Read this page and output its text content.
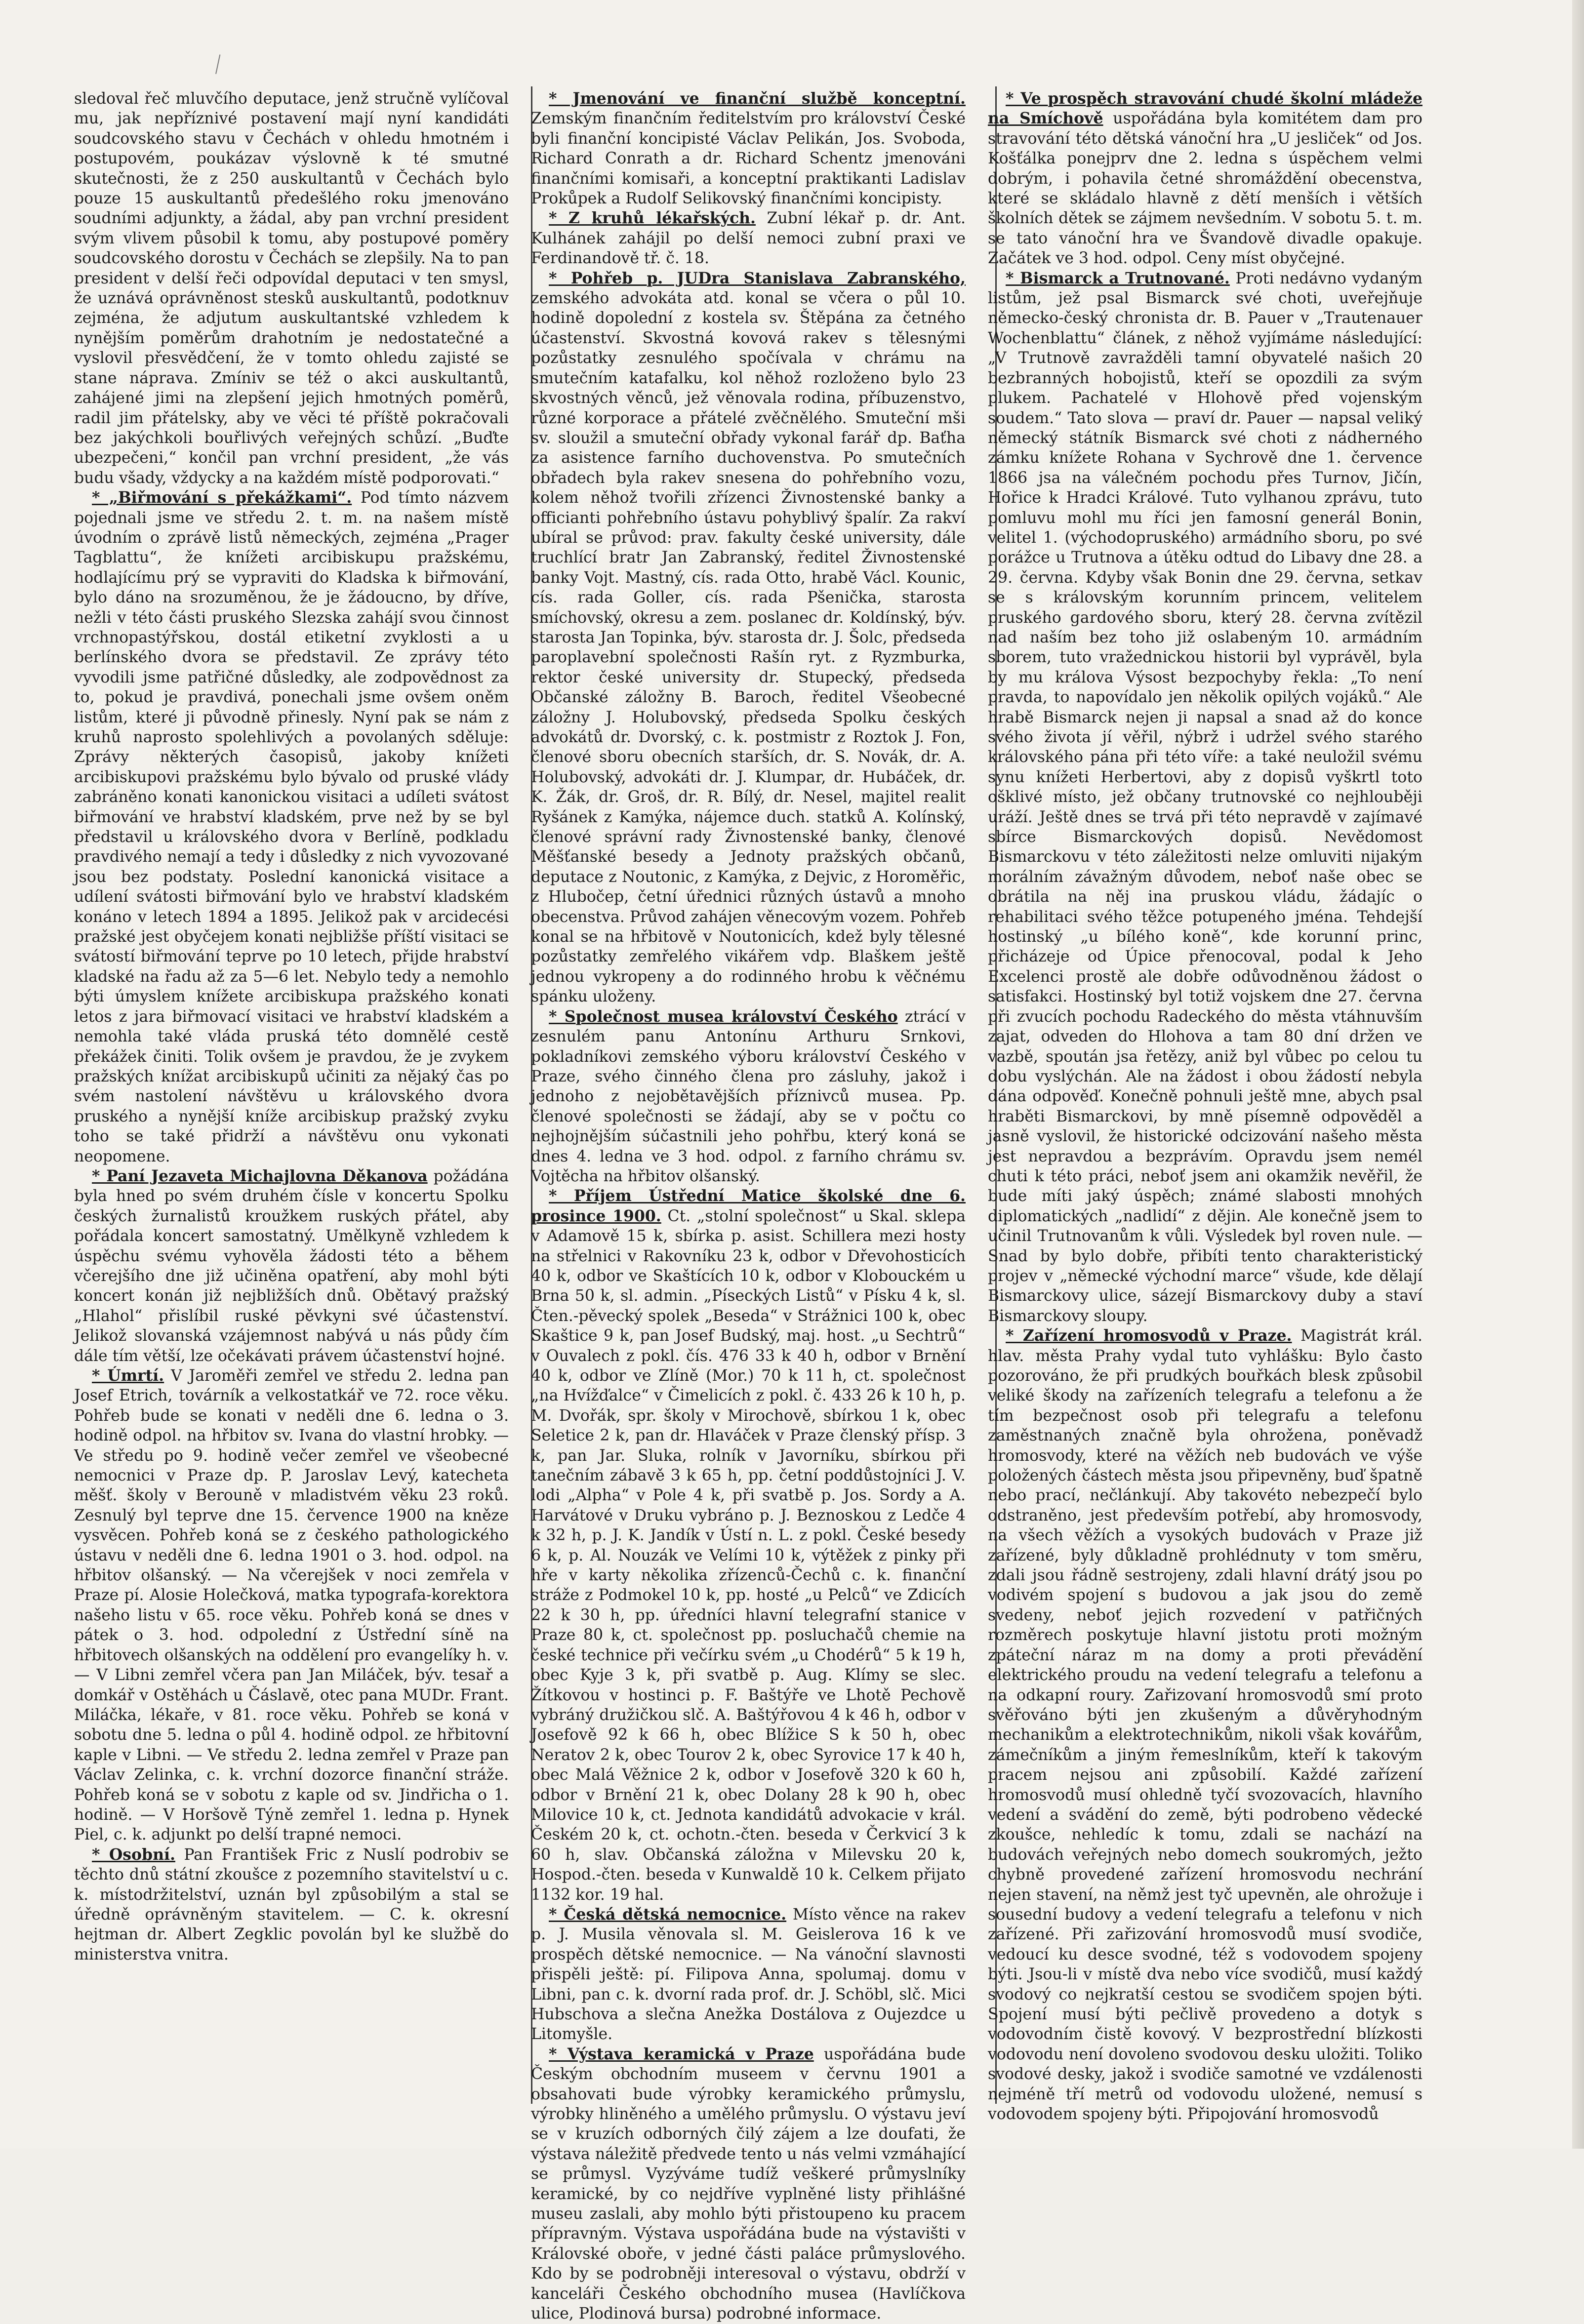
sledoval řeč mluvčího deputace, jenž stručně vylíčoval mu, jak nepříznivé postavení mají nyní kandidáti soudcovského stavu v Čechách v ohledu hmotném i postupovém, poukázav výslovně k té smutné skutečnosti, že z 250 auskultantů v Čechách bylo pouze 15 auskultantů předešlého roku jmenováno soudními adjunkty, a žádal, aby pan vrchní president svým vlivem působil k tomu, aby postupové poměry soudcovského dorostu v Čechách se zlepšily. Na to pan president v delší řeči odpovídal deputaci v ten smysl, že uznává oprávněnost stesků auskultantů, podotknuv zejména, že adjutum auskultantské vzhledem k nynějším poměrům drahotním je nedostatečné a vyslovil přesvědčení, že v tomto ohledu zajisté se stane náprava. Zmíniv se též o akci auskultantů, zahájené jimi na zlepšení jejich hmotných poměrů, radil jim přátelsky, aby ve věci té příště pokračovali bez jakýchkoli bouřlivých veřejných schůzí. „Buďte ubezpečeni,“ končil pan vrchní president, „že vás budu všady, vždycky a na každém místě podporovati.“

* „Biřmování s překážkami“. Pod tímto názvem pojednali jsme ve středu 2. t. m. na našem místě úvodním o zprávě listů německých, zejména „Prager Tagblattu“, že knížeti arcibiskupu pražskému, hodlajícímu prý se vypraviti do Kladska k biřmování, bylo dáno na srozuměnou, že je žádoucno, by dříve, nežli v této části pruského Slezska zahájí svou činnost vrchnopastýřskou, dostál etiketní zvyklosti a u berlínského dvora se představil. Ze zprávy této vyvodili jsme patřičné důsledky, ale zodpovědnost za to, pokud je pravdivá, ponechali jsme ovšem oněm listům, které ji původně přinesly. Nyní pak se nám z kruhů naprosto spolehlivých a povolaných sděluje: Zprávy některých časopisů, jakoby knížeti arcibiskupovi pražskému bylo bývalo od pruské vlády zabráněno konati kanonickou visitaci a udíleti svátost biřmování ve hrabství kladském, prve než by se byl představil u královského dvora v Berlíně, podkladu pravdivého nemají a tedy i důsledky z nich vyvozované jsou bez podstaty. Poslední kanonická visitace a udílení svátosti biřmování bylo ve hrabství kladském konáno v letech 1894 a 1895. Jelikož pak v arcidecési pražské jest obyčejem konati nejbližše příští visitaci se svátostí biřmování teprve po 10 letech, přijde hrabství kladské na řadu až za 5—6 let. Nebylo tedy a nemohlo býti úmyslem knížete arcibiskupa pražského konati letos z jara biřmovací visitaci ve hrabství kladském a nemohla také vláda pruská této domnělé cestě překážek činiti. Tolik ovšem je pravdou, že je zvykem pražských knížat arcibiskupů učiniti za nějaký čas po svém nastolení návštěvu u královského dvora pruského a nynější kníže arcibiskup pražský zvyku toho se také přidrží a návštěvu onu vykonati neopomene.

* Paní Jezaveta Michajlovna Děkanova požádána byla hned po svém druhém čísle v koncertu Spolku českých žurnalistů kroužkem ruských přátel, aby pořádala koncert samostatný. Umělkyně vzhledem k úspěchu svému vyhověla žádosti této a během včerejšího dne již učiněna opatření, aby mohl býti koncert konán již nejbližších dnů. Obětavý pražský „Hlahol“ přislíbil ruské pěvkyni své účastenství. Jelikož slovanská vzájemnost nabývá u nás půdy čím dále tím větší, lze očekávati právem účastenství hojné.

* Úmrtí. V Jaroměři zemřel ve středu 2. ledna pan Josef Etrich, továrník a velkostatkář ve 72. roce věku. Pohřeb bude se konati v neděli dne 6. ledna o 3. hodině odpol. na hřbitov sv. Ivana do vlastní hrobky. — Ve středu po 9. hodině večer zemřel ve všeobecné nemocnici v Praze dp. P. Jaroslav Levý, katecheta měšť. školy v Berouně v mladistvém věku 23 roků. Zesnulý byl teprve dne 15. července 1900 na kněze vysvěcen. Pohřeb koná se z českého pathologického ústavu v neděli dne 6. ledna 1901 o 3. hod. odpol. na hřbitov olšanský. — Na včerejšek v noci zemřela v Praze pí. Alosie Holečková, matka typografa-korektora našeho listu v 65. roce věku. Pohřeb koná se dnes v pátek o 3. hod. odpolední z Ústřední síně na hřbitovech olšanských na oddělení pro evangelíky h. v. — V Libni zemřel včera pan Jan Miláček, býv. tesař a domkář v Ostěhách u Čáslavě, otec pana MUDr. Frant. Miláčka, lékaře, v 81. roce věku. Pohřeb se koná v sobotu dne 5. ledna o půl 4. hodině odpol. ze hřbitovní kaple v Libni. — Ve středu 2. ledna zemřel v Praze pan Václav Zelinka, c. k. vrchní dozorce finanční stráže. Pohřeb koná se v sobotu z kaple od sv. Jindřicha o 1. hodině. — V Horšově Týně zemřel 1. ledna p. Hynek Piel, c. k. adjunkt po delší trapné nemoci.

* Osobní. Pan František Fric z Nuslí podrobiv se těchto dnů státní zkoušce z pozemního stavitelství u c. k. místodržitelství, uznán byl způsobilým a stal se úředně oprávněným stavitelem. — C. k. okresní hejtman dr. Albert Zegklic povolán byl ke službě do ministerstva vnitra.

* Jmenování ve finanční službě konceptní. Zemským finančním ředitelstvím pro království České byli finanční koncipisté Václav Pelikán, Jos. Svoboda, Richard Conrath a dr. Richard Schentz jmenováni finančními komisaři, a konceptní praktikanti Ladislav Prokůpek a Rudolf Selikovský finančními koncipisty.

* Z kruhů lékařských. Zubní lékař p. dr. Ant. Kulhánek zahájil po delší nemoci zubní praxi ve Ferdinandově tř. č. 18.

* Pohřeb p. JUDra Stanislava Zabranského, zemského advokáta atd. konal se včera o půl 10. hodině dopolední z kostela sv. Štěpána za četného účastenství. Skvostná kovová rakev s tělesnými pozůstatky zesnulého spočívala v chrámu na smutečním katafalku, kol něhož rozloženo bylo 23 skvostných věnců, jež věnovala rodina, příbuzenstvo, různé korporace a přátelé zvěčnělého. Smuteční mši sv. sloužil a smuteční obřady vykonal farář dp. Baťha za asistence farního duchovenstva. Po smutečních obřadech byla rakev snesena do pohřebního vozu, kolem něhož tvořili zřízenci Živnostenské banky a officianti pohřebního ústavu pohyblivý špalír. Za rakví ubíral se průvod: prav. fakulty české university, dále truchlící bratr Jan Zabranský, ředitel Živnostenské banky Vojt. Mastný, cís. rada Otto, hrabě Václ. Kounic, cís. rada Goller, cís. rada Pšenička, starosta smíchovský, okresu a zem. poslanec dr. Koldínský, býv. starosta Jan Topinka, býv. starosta dr. J. Šolc, předseda paroplavební společnosti Rašín ryt. z Ryzmburka, rektor české university dr. Stupecký, předseda Občanské záložny B. Baroch, ředitel Všeobecné záložny J. Holubovský, předseda Spolku českých advokátů dr. Dvorský, c. k. postmistr z Roztok J. Fon, členové sboru obecních starších, dr. S. Novák, dr. A. Holubovský, advokáti dr. J. Klumpar, dr. Hubáček, dr. K. Žák, dr. Groš, dr. R. Bílý, dr. Nesel, majitel realit Ryšánek z Kamýka, nájemce duch. statků A. Kolínský, členové správní rady Živnostenské banky, členové Měšťanské besedy a Jednoty pražských občanů, deputace z Noutonic, z Kamýka, z Dejvic, z Horoměřic, z Hlubočep, četní úřednici různých ústavů a mnoho obecenstva. Průvod zahájen věnecovým vozem. Pohřeb konal se na hřbitově v Noutonicích, kdež byly tělesné pozůstatky zemřelého vikářem vdp. Blaškem ještě jednou vykropeny a do rodinného hrobu k věčnému spánku uloženy.

* Společnost musea království Českého ztrácí v zesnulém panu Antonínu Arthuru Srnkovi, pokladníkovi zemského výboru království Českého v Praze, svého činného člena pro zásluhy, jakož i jednoho z nejobětavějších příznivců musea. Pp. členové společnosti se žádají, aby se v počtu co nejhojnějším súčastnili jeho pohřbu, který koná se dnes 4. ledna ve 3 hod. odpol. z farního chrámu sv. Vojtěcha na hřbitov olšanský.

* Příjem Ústřední Matice školské dne 6. prosince 1900. Ct. „stolní společnost“ u Skal. sklepa v Adamově 15 k, sbírka p. asist. Schillera mezi hosty na střelnici v Rakovníku 23 k, odbor v Dřevohosticích 40 k, odbor ve Skaštících 10 k, odbor v Klobouckém u Brna 50 k, sl. admin. „Píseckých Listů“ v Písku 4 k, sl. Čten.-pěvecký spolek „Beseda“ v Strážnici 100 k, obec Skaštice 9 k, pan Josef Budský, maj. host. „u Sechtrů“ v Ouvalech z pokl. čís. 476 33 k 40 h, odbor v Brnění 40 k, odbor ve Zlíně (Mor.) 70 k 11 h, ct. společnost „na Hvížďalce“ v Čimelicích z pokl. č. 433 26 k 10 h, p. M. Dvořák, spr. školy v Mirochově, sbírkou 1 k, obec Seletice 2 k, pan dr. Hlaváček v Praze členský přísp. 3 k, pan Jar. Sluka, rolník v Javorníku, sbírkou při tanečním zábavě 3 k 65 h, pp. četní poddůstojníci J. V. lodi „Alpha“ v Pole 4 k, při svatbě p. Jos. Sordy a A. Harvátové v Druku vybráno p. J. Beznoskou z Ledče 4 k 32 h, p. J. K. Jandík v Ústí n. L. z pokl. České besedy 6 k, p. Al. Nouzák ve Velími 10 k, výtěžek z pinky při hře v karty několika zřízenců-Čechů c. k. finanční stráže z Podmokel 10 k, pp. hosté „u Pelců“ ve Zdicích 22 k 30 h, pp. úředníci hlavní telegrafní stanice v Praze 80 k, ct. společnost pp. posluchačů chemie na české technice při večírku svém „u Chodérů“ 5 k 19 h, obec Kyje 3 k, při svatbě p. Aug. Klímy se slec. Žítkovou v hostinci p. F. Baštýře ve Lhotě Pechově vybráný družičkou slč. A. Baštýřovou 4 k 46 h, odbor v Josefově 92 k 66 h, obec Blížice S k 50 h, obec Neratov 2 k, obec Tourov 2 k, obec Syrovice 17 k 40 h, obec Malá Věžnice 2 k, odbor v Josefově 320 k 60 h, odbor v Brnění 21 k, obec Dolany 28 k 90 h, obec Milovice 10 k, ct. Jednota kandidátů advokacie v král. Českém 20 k, ct. ochotn.-čten. beseda v Čerkvicí 3 k 60 h, slav. Občanská záložna v Milevsku 20 k, Hospod.-čten. beseda v Kunwaldě 10 k. Celkem přijato 1132 kor. 19 hal.

* Česká dětská nemocnice. Místo věnce na rakev p. J. Musila věnovala sl. M. Geislerova 16 k ve prospěch dětské nemocnice. — Na vánoční slavnosti přispěli ještě: pí. Filipova Anna, spolumaj. domu v Libni, pan c. k. dvorní rada prof. dr. J. Schöbl, slč. Mici Hubschova a slečna Anežka Dostálova z Oujezdce u Litomyšle.

* Výstava keramická v Praze uspořádána bude Českým obchodním museem v červnu 1901 a obsahovati bude výrobky keramického průmyslu, výrobky hliněného a umělého průmyslu. O výstavu jeví se v kruzích odborných čilý zájem a lze doufati, že výstava náležitě předvede tento u nás velmi vzmáhající se průmysl. Vyzýváme tudíž veškeré průmyslníky keramické, by co nejdříve vyplněné listy přihlášné museu zaslali, aby mohlo býti přistoupeno ku pracem přípravným. Výstava uspořádána bude na výstavišti v Královské oboře, v jedné části paláce průmyslového. Kdo by se podrobněji interesoval o výstavu, obdrží v kanceláři Českého obchodního musea (Havlíčkova ulice, Plodinová bursa) podrobné informace.

* Ve prospěch stravování chudé školní mládeže na Smíchově uspořádána byla komitétem dam pro stravování této dětská vánoční hra „U jesliček“ od Jos. Košťálka ponejprv dne 2. ledna s úspěchem velmi dobrým, i pohavila četné shromáždění obecenstva, které se skládalo hlavně z dětí menších i větších školních dětek se zájmem nevšedním. V sobotu 5. t. m. se tato vánoční hra ve Švandově divadle opakuje. Začátek ve 3 hod. odpol. Ceny míst obyčejné.

* Bismarck a Trutnované. Proti nedávno vydaným listům, jež psal Bismarck své choti, uveřejňuje německo-český chronista dr. B. Pauer v „Trautenauer Wochenblattu“ článek, z něhož vyjímáme následující: „V Trutnově zavražděli tamní obyvatelé našich 20 bezbranných hobojistů, kteří se opozdili za svým plukem. Pachatelé v Hlohově před vojenským soudem.“ Tato slova — praví dr. Pauer — napsal veliký německý státník Bismarck své choti z nádherného zámku knížete Rohana v Sychrově dne 1. července 1866 jsa na válečném pochodu přes Turnov, Jičín, Hořice k Hradci Králové. Tuto vylhanou zprávu, tuto pomluvu mohl mu říci jen famosní generál Bonin, velitel 1. (východopruského) armádního sboru, po své porážce u Trutnova a útěku odtud do Libavy dne 28. a 29. června. Kdyby však Bonin dne 29. června, setkav se s královským korunním princem, velitelem pruského gardového sboru, který 28. června zvítězil nad naším bez toho již oslabeným 10. armádním sborem, tuto vražednickou historii byl vyprávěl, byla by mu králova Výsost bezpochyby řekla: „To není pravda, to napovídalo jen několik opilých vojáků.“ Ale hrabě Bismarck nejen ji napsal a snad až do konce svého života jí věřil, nýbrž i udržel svého starého královského pána při této víře: a také neuložil svému synu knížeti Herbertovi, aby z dopisů vyškrtl toto ošklivé místo, jež občany trutnovské co nejhlouběji uráží. Ještě dnes se trvá při této nepravdě v zajímavé sbírce Bismarckových dopisů. Nevědomost Bismarckovu v této záležitosti nelze omluviti nijakým morálním závažným důvodem, neboť naše obec se obrátila na něj ina pruskou vládu, žádajíc o rehabilitaci svého těžce potupeného jména. Tehdejší hostinský „u bílého koně“, kde korunní princ, přicházeje od Úpice přenocoval, podal k Jeho Excelenci prostě ale dobře odůvodněnou žádost o satisfakci. Hostinský byl totiž vojskem dne 27. června při zvucích pochodu Radeckého do města vtáhnuvším zajat, odveden do Hlohova a tam 80 dní držen ve vazbě, spoután jsa řetězy, aniž byl vůbec po celou tu dobu vyslýchán. Ale na žádost i obou žádostí nebyla dána odpověď. Konečně pohnuli ještě mne, abych psal hraběti Bismarckovi, by mně písemně odpověděl a jasně vyslovil, že historické odcizování našeho města jest nepravdou a bezprávím. Opravdu jsem nemél chuti k této práci, neboť jsem ani okamžik nevěřil, že bude míti jaký úspěch; známé slabosti mnohých diplomatických „nadlidí“ z dějin. Ale konečně jsem to učinil Trutnovanům k vůli. Výsledek byl roven nule. — Snad by bylo dobře, přibíti tento charakteristický projev v „německé východní marce“ všude, kde dělají Bismarckovy ulice, sázejí Bismarckovy duby a staví Bismarckovy sloupy.

* Zařízení hromosvodů v Praze. Magistrát král. hlav. města Prahy vydal tuto vyhlášku: Bylo často pozorováno, že při prudkých bouřkách blesk způsobil veliké škody na zařízeních telegrafu a telefonu a že tím bezpečnost osob při telegrafu a telefonu zaměstnaných značně byla ohrožena, poněvadž hromosvody, které na věžích neb budovách ve výše položených částech města jsou připevněny, buď špatně nebo prací, nečlánkují. Aby takovéto nebezpečí bylo odstraněno, jest především potřebí, aby hromosvody, na všech věžích a vysokých budovách v Praze již zařízené, byly důkladně prohlédnuty v tom směru, zdali jsou řádně sestrojeny, zdali hlavní drátý jsou po vodivém spojení s budovou a jak jsou do země svedeny, neboť jejich rozvedení v patřičných rozměrech poskytuje hlavní jistotu proti možným zpáteční náraz m na domy a proti převádění elektrického proudu na vedení telegrafu a telefonu a na odkapní roury. Zařizovaní hromosvodů smí proto svěřováno býti jen zkušeným a důvěryhodným mechanikům a elektrotechnikům, nikoli však kovářům, zámečníkům a jiným řemeslníkům, kteří k takovým pracem nejsou ani způsobilí. Každé zařízení hromosvodů musí ohledně tyčí svozovacích, hlavního vedení a svádění do země, býti podrobeno vědecké zkoušce, nehledíc k tomu, zdali se nachází na budovách veřejných nebo domech soukromých, ježto chybně provedené zařízení hromosvodu nechrání nejen stavení, na němž jest tyč upevněn, ale ohrožuje i sousední budovy a vedení telegrafu a telefonu v nich zařízené. Při zařizování hromosvodů musí svodiče, vedoucí ku desce svodné, též s vodovodem spojeny býti. Jsou-li v místě dva nebo více svodičů, musí každý svodový co nejkratší cestou se svodičem spojen býti. Spojení musí býti pečlivě provedeno a dotyk s vodovodním čistě kovový. V bezprostřední blízkosti vodovodu není dovoleno svodovou desku uložiti. Toliko svodové desky, jakož i svodiče samotné ve vzdálenosti nejméně tří metrů od vodovodu uložené, nemusí s vodovodem spojeny býti. Připojování hromosvodů
